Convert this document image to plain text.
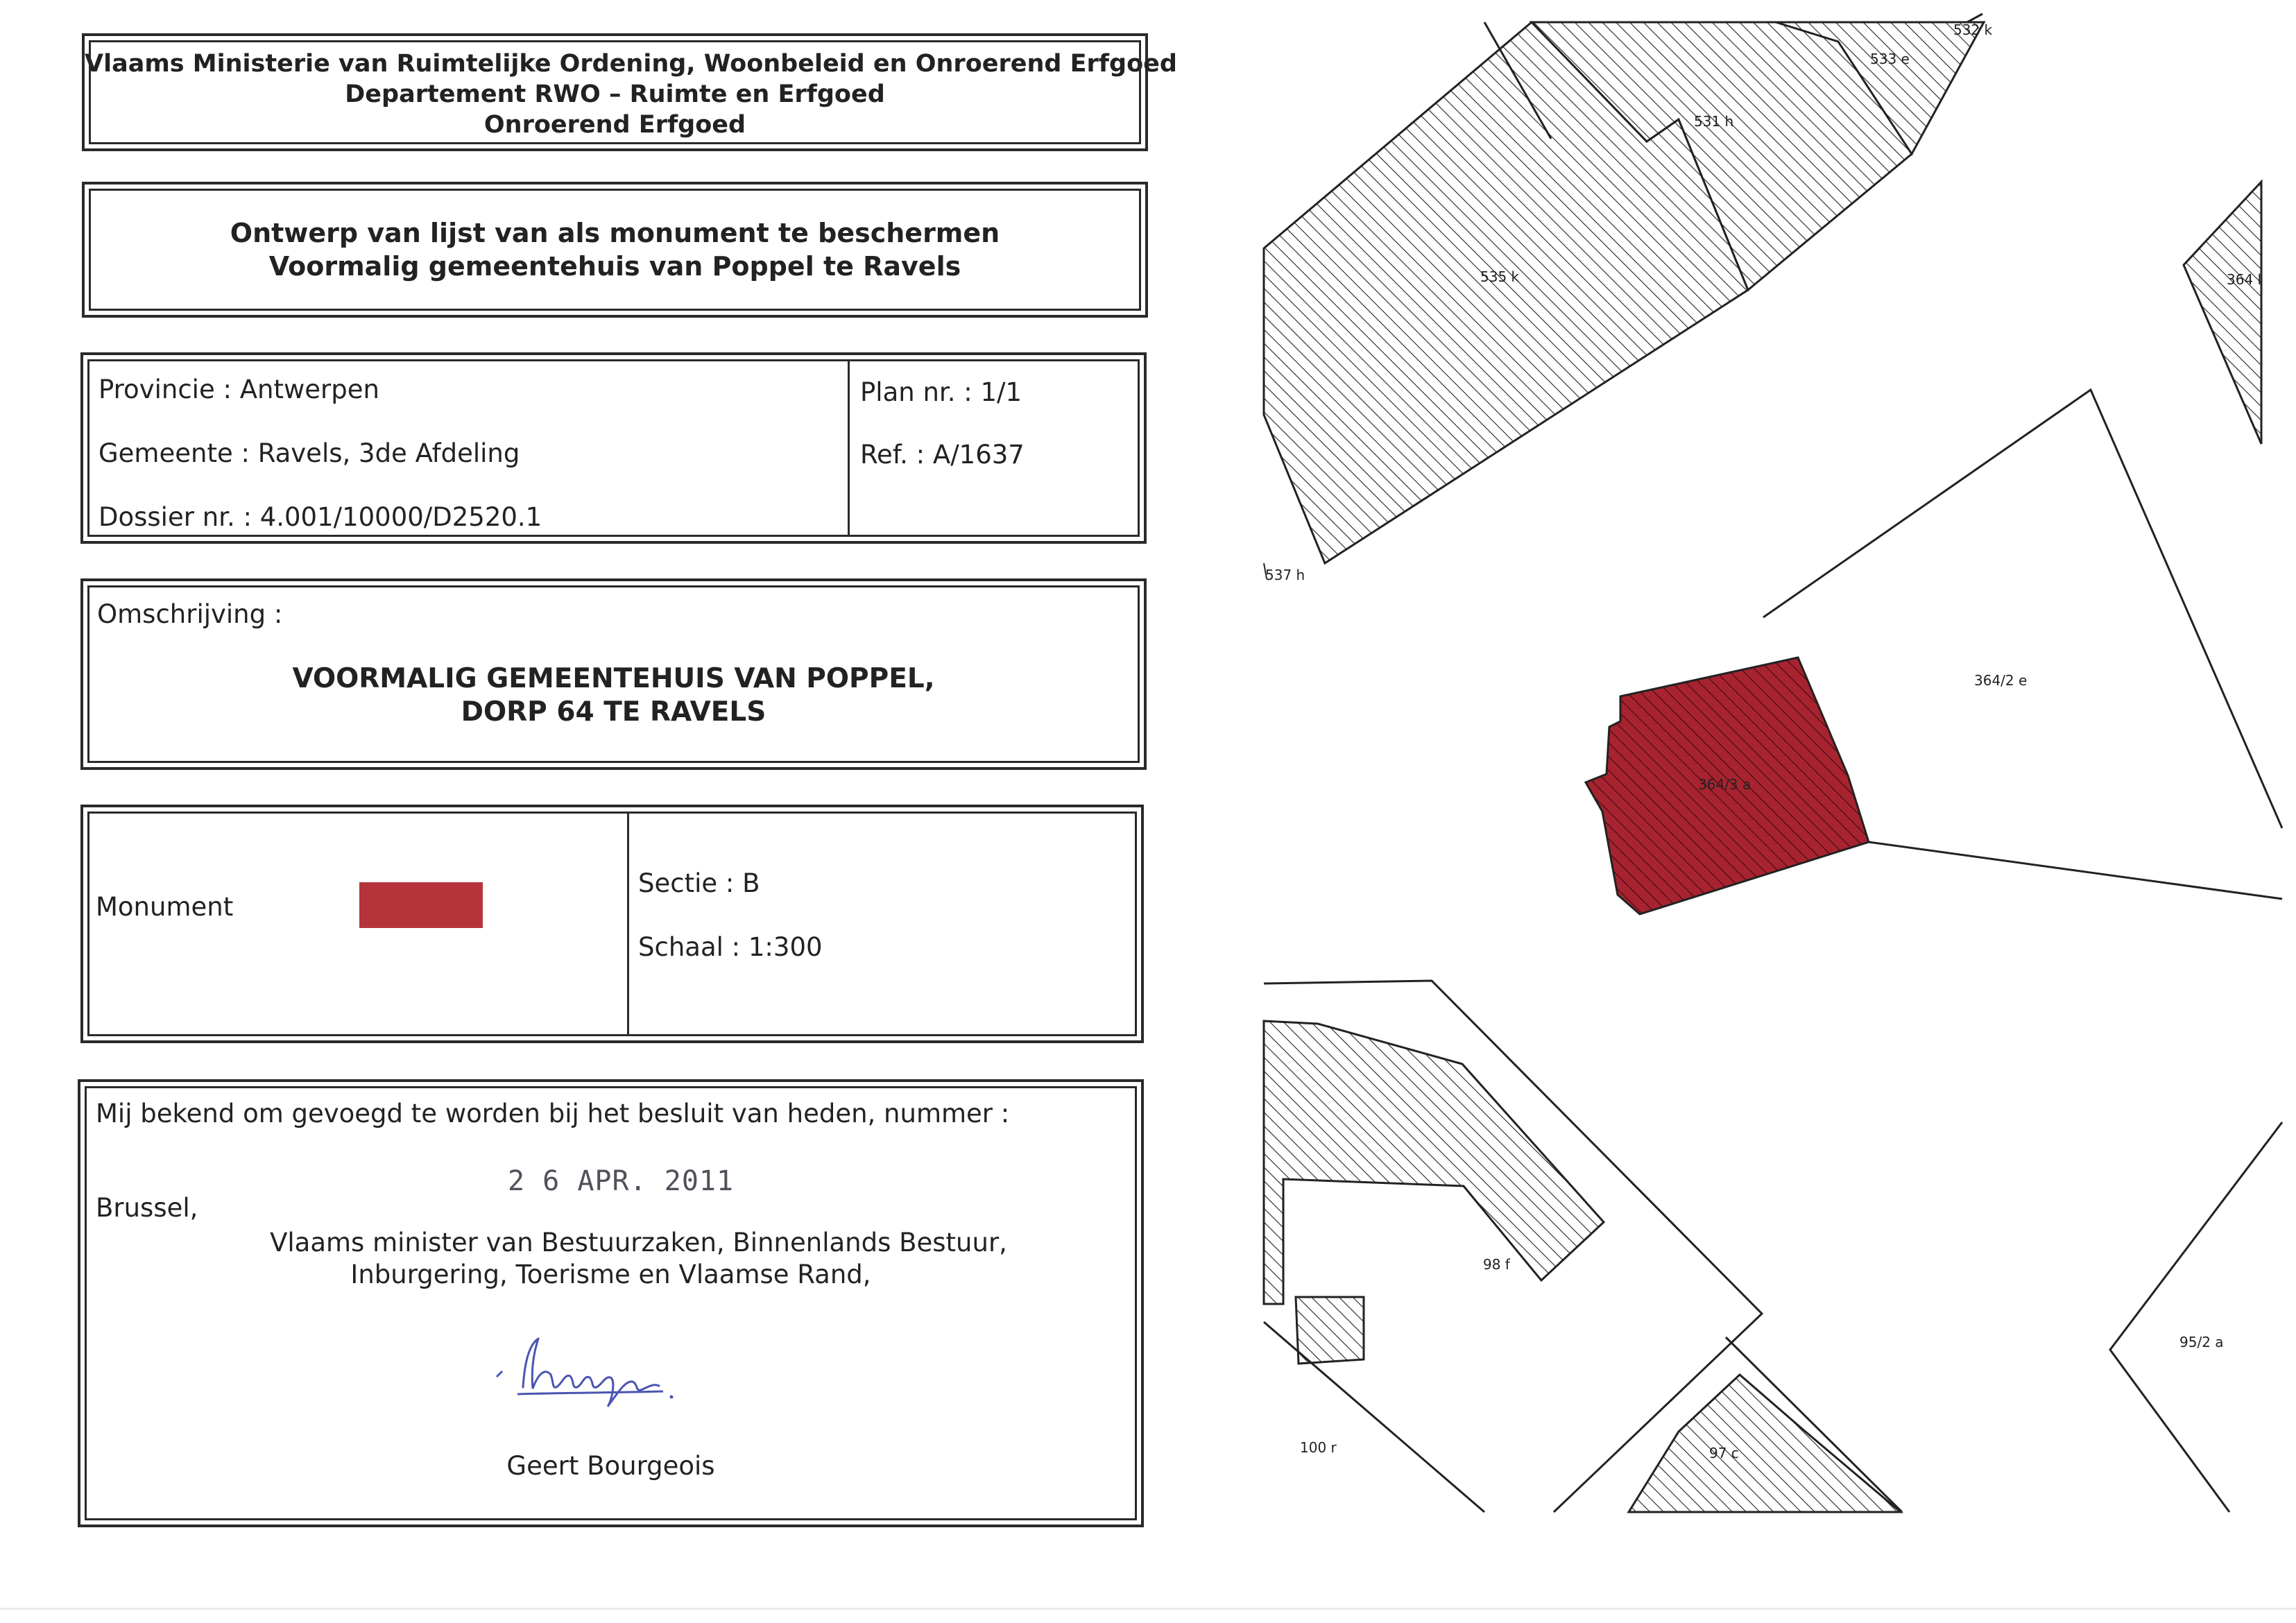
Vlaams Ministerie van Ruimtelijke Ordening, Woonbeleid en Onroerend Erfgoed
Departement RWO – Ruimte en Erfgoed
Onroerend Erfgoed
Ontwerp van lijst van als monument te beschermen
Voormalig gemeentehuis van Poppel te Ravels
Provincie : Antwerpen
Gemeente : Ravels, 3de Afdeling
Dossier nr. : 4.001/10000/D2520.1
Plan nr. : 1/1
Ref. : A/1637
Omschrijving :
VOORMALIG GEMEENTEHUIS VAN POPPEL,
DORP 64 TE RAVELS
Monument
Sectie : B
Schaal : 1:300
Mij bekend om gevoegd te worden bij het besluit van heden, nummer :
2 6 APR. 2011
Brussel,
Vlaams minister van Bestuurzaken, Binnenlands Bestuur,
Inburgering, Toerisme en Vlaamse Rand,
Geert Bourgeois
533 e
532 k
531 h
535 k	364 l
537 h
364/2 e
364/3 a
98 f
95/2 a
100 r	97 c
